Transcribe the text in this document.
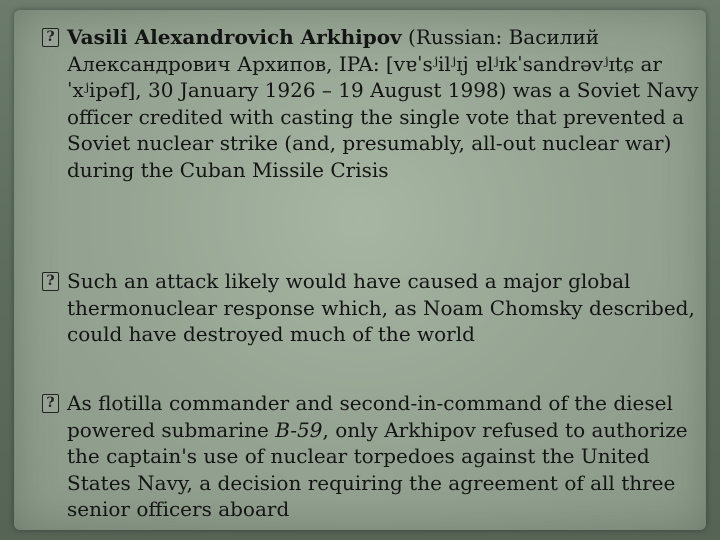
? Vasili Alexandrovich Arkhipov (Russian: Василий Александрович Архипов, IPA: [vɐˈsʲilʲɪj ɐlʲɪkˈsandrəvʲɪtɕ arˈxʲipəf], 30 January 1926 – 19 August 1998) was a Soviet Navy officer credited with casting the single vote that prevented a Soviet nuclear strike (and, presumably, all-out nuclear war) during the Cuban Missile Crisis
? Such an attack likely would have caused a major global thermonuclear response which, as Noam Chomsky described, could have destroyed much of the world
? As flotilla commander and second-in-command of the diesel powered submarine B-59, only Arkhipov refused to authorize the captain's use of nuclear torpedoes against the United States Navy, a decision requiring the agreement of all three senior officers aboard
